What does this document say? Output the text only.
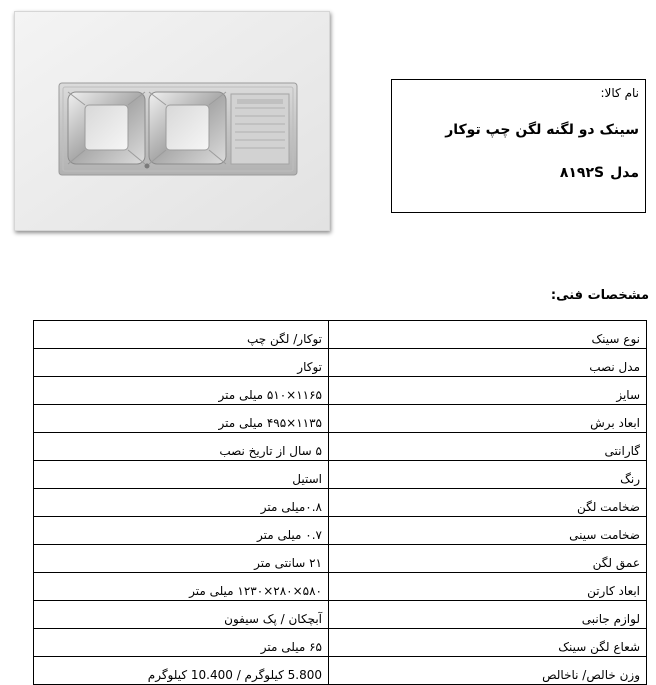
نام کالا:
سینک دو لگنه لگن چپ توکار
مدل۸۱۹۲S
مشخصات فنی:
نوع سینک	توکار/ لگن چپ
مدل نصب	توکار
سایز	۱۱۶۵×۵۱۰ میلی متر
ابعاد برش	۱۱۳۵×۴۹۵ میلی متر
گارانتی	۵ سال از تاریخ نصب
رنگ	استیل
ضخامت لگن	۰.۸میلی متر
ضخامت سینی	۰.۷ میلی متر
عمق لگن	۲۱ سانتی متر
ابعاد کارتن	۵۸۰×۲۸۰×۱۲۳۰ میلی متر
لوازم جانبی	آبچکان / پک سیفون
شعاع لگن سینک	۶۵ میلی متر
وزن خالص/ ناخالص	5.800 کیلوگرم / 10.400 کیلوگرم
